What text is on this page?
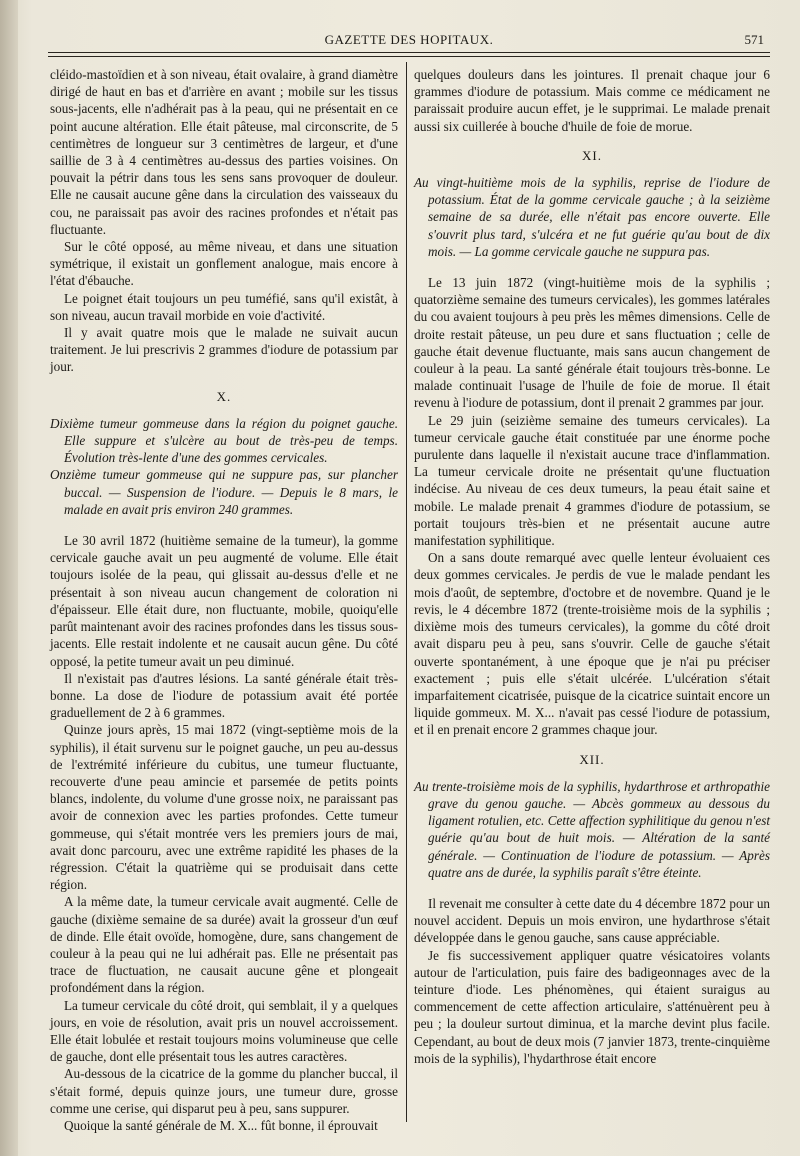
GAZETTE DES HOPITAUX.	571

cléido-mastoïdien et à son niveau, était ovalaire, à grand diamètre dirigé de haut en bas et d'arrière en avant ; mobile sur les tissus sous-jacents, elle n'adhérait pas à la peau, qui ne présentait en ce point aucune altération. Elle était pâteuse, mal circonscrite, de 5 centimètres de longueur sur 3 centimètres de largeur, et d'une saillie de 3 à 4 centimètres au-dessus des parties voisines. On pouvait la pétrir dans tous les sens sans provoquer de douleur. Elle ne causait aucune gêne dans la circulation des vaisseaux du cou, ne paraissait pas avoir des racines profondes et n'était pas fluctuante.

Sur le côté opposé, au même niveau, et dans une situation symétrique, il existait un gonflement analogue, mais encore à l'état d'ébauche.

Le poignet était toujours un peu tuméfié, sans qu'il existât, à son niveau, aucun travail morbide en voie d'activité.

Il y avait quatre mois que le malade ne suivait aucun traitement. Je lui prescrivis 2 grammes d'iodure de potassium par jour.

X.

Dixième tumeur gommeuse dans la région du poignet gauche. Elle suppure et s'ulcère au bout de très-peu de temps. Évolution très-lente d'une des gommes cervicales.

Onzième tumeur gommeuse qui ne suppure pas, sur plancher buccal. — Suspension de l'iodure. — Depuis le 8 mars, le malade en avait pris environ 240 grammes.

Le 30 avril 1872 (huitième semaine de la tumeur), la gomme cervicale gauche avait un peu augmenté de volume. Elle était toujours isolée de la peau, qui glissait au-dessus d'elle et ne présentait à son niveau aucun changement de coloration ni d'épaisseur. Elle était dure, non fluctuante, mobile, quoiqu'elle parût maintenant avoir des racines profondes dans les tissus sous-jacents. Elle restait indolente et ne causait aucun gêne. Du côté opposé, la petite tumeur avait un peu diminué.

Il n'existait pas d'autres lésions. La santé générale était très-bonne. La dose de l'iodure de potassium avait été portée graduellement de 2 à 6 grammes.

Quinze jours après, 15 mai 1872 (vingt-septième mois de la syphilis), il était survenu sur le poignet gauche, un peu au-dessus de l'extrémité inférieure du cubitus, une tumeur fluctuante, recouverte d'une peau amincie et parsemée de petits points blancs, indolente, du volume d'une grosse noix, ne paraissant pas avoir de connexion avec les parties profondes. Cette tumeur gommeuse, qui s'était montrée vers les premiers jours de mai, avait donc parcouru, avec une extrême rapidité les phases de la régression. C'était la quatrième qui se produisait dans cette région.

A la même date, la tumeur cervicale avait augmenté. Celle de gauche (dixième semaine de sa durée) avait la grosseur d'un œuf de dinde. Elle était ovoïde, homogène, dure, sans changement de couleur à la peau qui ne lui adhérait pas. Elle ne présentait pas trace de fluctuation, ne causait aucune gêne et plongeait profondément dans la région.

La tumeur cervicale du côté droit, qui semblait, il y a quelques jours, en voie de résolution, avait pris un nouvel accroissement. Elle était lobulée et restait toujours moins volumineuse que celle de gauche, dont elle présentait tous les autres caractères.

Au-dessous de la cicatrice de la gomme du plancher buccal, il s'était formé, depuis quinze jours, une tumeur dure, grosse comme une cerise, qui disparut peu à peu, sans suppurer.

Quoique la santé générale de M. X... fût bonne, il éprouvait

quelques douleurs dans les jointures. Il prenait chaque jour 6 grammes d'iodure de potassium. Mais comme ce médicament ne paraissait produire aucun effet, je le supprimai. Le malade prenait aussi six cuillerée à bouche d'huile de foie de morue.

XI.

Au vingt-huitième mois de la syphilis, reprise de l'iodure de potassium. État de la gomme cervicale gauche ; à la seizième semaine de sa durée, elle n'était pas encore ouverte. Elle s'ouvrit plus tard, s'ulcéra et ne fut guérie qu'au bout de dix mois. — La gomme cervicale gauche ne suppura pas.

Le 13 juin 1872 (vingt-huitième mois de la syphilis ; quatorzième semaine des tumeurs cervicales), les gommes latérales du cou avaient toujours à peu près les mêmes dimensions. Celle de droite restait pâteuse, un peu dure et sans fluctuation ; celle de gauche était devenue fluctuante, mais sans aucun changement de couleur à la peau. La santé générale était toujours très-bonne. Le malade continuait l'usage de l'huile de foie de morue. Il était revenu à l'iodure de potassium, dont il prenait 2 grammes par jour.

Le 29 juin (seizième semaine des tumeurs cervicales). La tumeur cervicale gauche était constituée par une énorme poche purulente dans laquelle il n'existait aucune trace d'inflammation. La tumeur cervicale droite ne présentait qu'une fluctuation indécise. Au niveau de ces deux tumeurs, la peau était saine et mobile. Le malade prenait 4 grammes d'iodure de potassium, se portait toujours très-bien et ne présentait aucune autre manifestation syphilitique.

On a sans doute remarqué avec quelle lenteur évoluaient ces deux gommes cervicales. Je perdis de vue le malade pendant les mois d'août, de septembre, d'octobre et de novembre. Quand je le revis, le 4 décembre 1872 (trente-troisième mois de la syphilis ; dixième mois des tumeurs cervicales), la gomme du côté droit avait disparu peu à peu, sans s'ouvrir. Celle de gauche s'était ouverte spontanément, à une époque que je n'ai pu préciser exactement ; puis elle s'était ulcérée. L'ulcération s'était imparfaitement cicatrisée, puisque de la cicatrice suintait encore un liquide gommeux. M. X... n'avait pas cessé l'iodure de potassium, et il en prenait encore 2 grammes chaque jour.

XII.

Au trente-troisième mois de la syphilis, hydarthrose et arthropathie grave du genou gauche. — Abcès gommeux au dessous du ligament rotulien, etc. Cette affection syphilitique du genou n'est guérie qu'au bout de huit mois. — Altération de la santé générale. — Continuation de l'iodure de potassium. — Après quatre ans de durée, la syphilis paraît s'être éteinte.

Il revenait me consulter à cette date du 4 décembre 1872 pour un nouvel accident. Depuis un mois environ, une hydarthrose s'était développée dans le genou gauche, sans cause appréciable.

Je fis successivement appliquer quatre vésicatoires volants autour de l'articulation, puis faire des badigeonnages avec de la teinture d'iode. Les phénomènes, qui étaient suraigus au commencement de cette affection articulaire, s'atténuèrent peu à peu ; la douleur surtout diminua, et la marche devint plus facile. Cependant, au bout de deux mois (7 janvier 1873, trente-cinquième mois de la syphilis), l'hydarthrose était encore
